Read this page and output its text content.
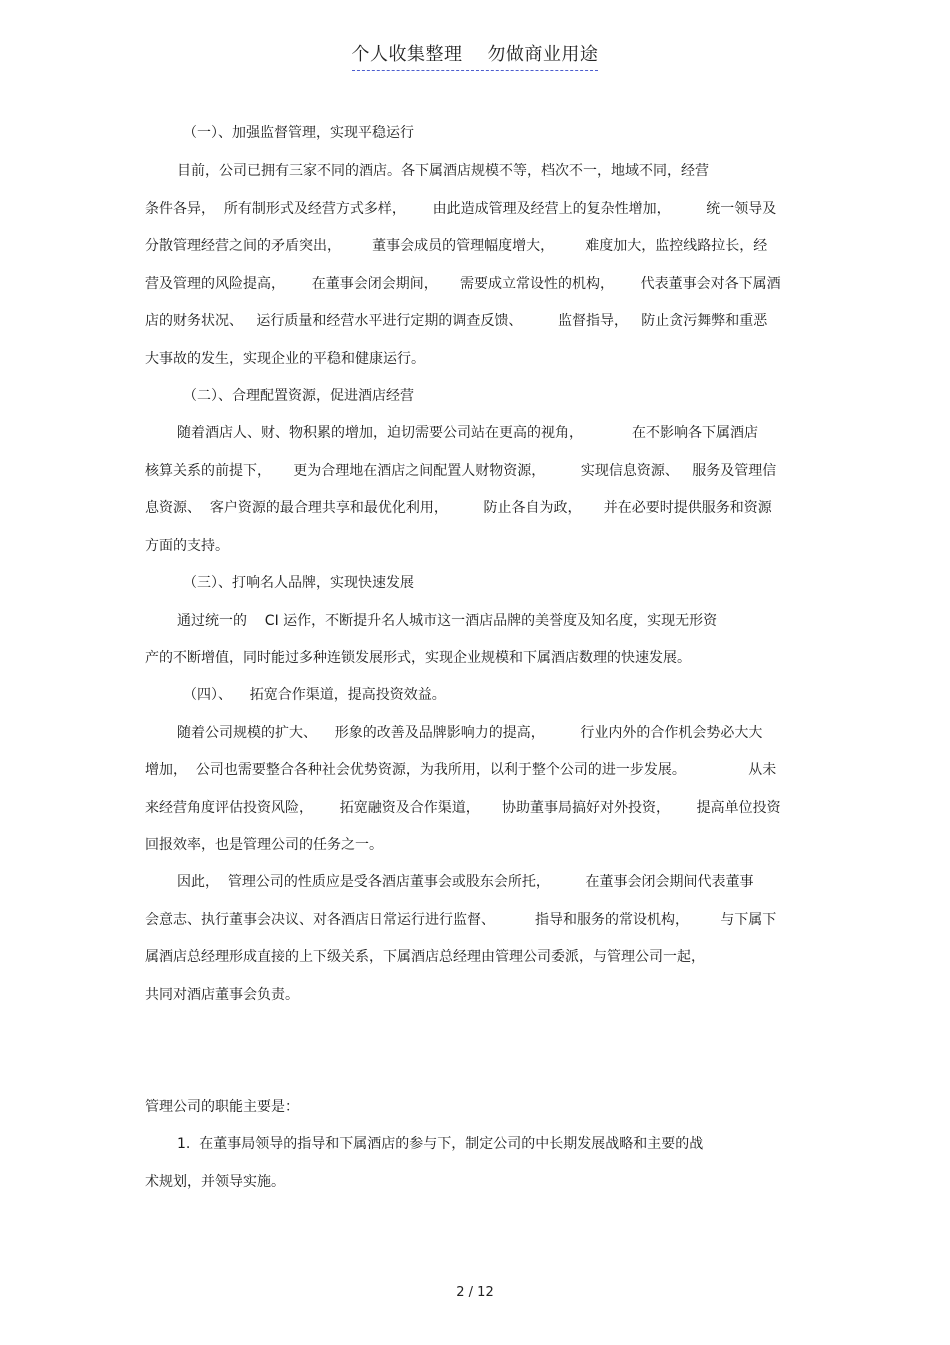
个人收集整理    勿做商业用途
（一）、加强监督管理，实现平稳运行
目前，公司已拥有三家不同的酒店。各下属酒店规模不等，档次不一，地域不同，经营
条件各异，  所有制形式及经营方式多样，      由此造成管理及经营上的复杂性增加，        统一领导及
分散管理经营之间的矛盾突出，       董事会成员的管理幅度增大，       难度加大，监控线路拉长，经
营及管理的风险提高，      在董事会闭会期间，     需要成立常设性的机构，      代表董事会对各下属酒
店的财务状况、   运行质量和经营水平进行定期的调查反馈、        监督指导，   防止贪污舞弊和重恶
大事故的发生，实现企业的平稳和健康运行。
（二）、合理配置资源，促进酒店经营
随着酒店人、财、物积累的增加，迫切需要公司站在更高的视角，           在不影响各下属酒店
核算关系的前提下，     更为合理地在酒店之间配置人财物资源，        实现信息资源、   服务及管理信
息资源、  客户资源的最合理共享和最优化利用，        防止各自为政，     并在必要时提供服务和资源
方面的支持。
（三）、打响名人品牌，实现快速发展
通过统一的    CI 运作，不断提升名人城市这一酒店品牌的美誉度及知名度，实现无形资
产的不断增值，同时能过多种连锁发展形式，实现企业规模和下属酒店数理的快速发展。
（四）、    拓宽合作渠道，提高投资效益。
随着公司规模的扩大、    形象的改善及品牌影响力的提高，        行业内外的合作机会势必大大
增加，  公司也需要整合各种社会优势资源，为我所用，以利于整个公司的进一步发展。              从未
来经营角度评估投资风险，      拓宽融资及合作渠道，     协助董事局搞好对外投资，      提高单位投资
回报效率，也是管理公司的任务之一。
因此，  管理公司的性质应是受各酒店董事会或股东会所托，        在董事会闭会期间代表董事
会意志、执行董事会决议、对各酒店日常运行进行监督、         指导和服务的常设机构，       与下属下
属酒店总经理形成直接的上下级关系，下属酒店总经理由管理公司委派，与管理公司一起，
共同对酒店董事会负责。
管理公司的职能主要是：
1.  在董事局领导的指导和下属酒店的参与下，制定公司的中长期发展战略和主要的战
术规划，并领导实施。
2 / 12
